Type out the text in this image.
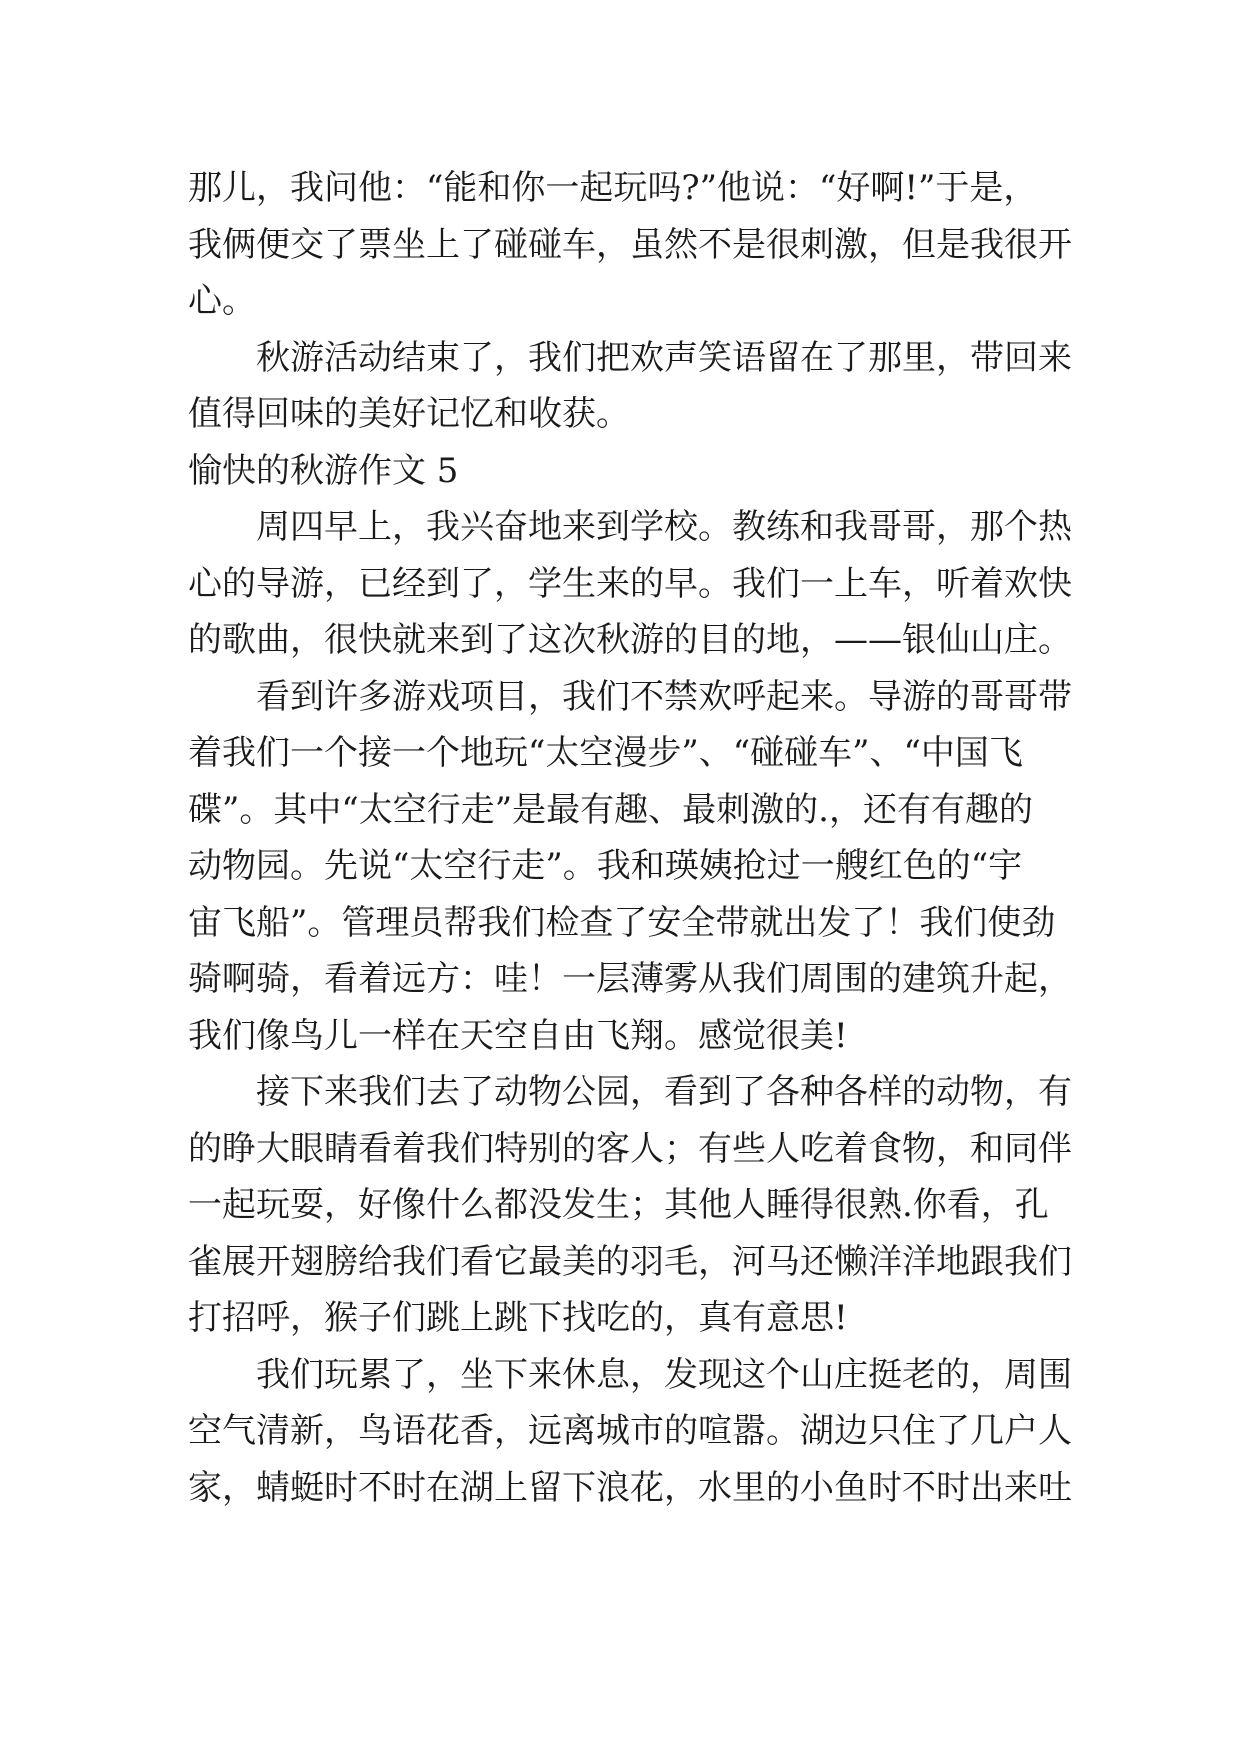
那儿，我问他：“能和你一起玩吗?”他说：“好啊!”于是，
我俩便交了票坐上了碰碰车，虽然不是很刺激，但是我很开
心。
秋游活动结束了，我们把欢声笑语留在了那里，带回来
值得回味的美好记忆和收获。
愉快的秋游作文 5
周四早上，我兴奋地来到学校。教练和我哥哥，那个热
心的导游，已经到了，学生来的早。我们一上车，听着欢快
的歌曲，很快就来到了这次秋游的目的地，——银仙山庄。
看到许多游戏项目，我们不禁欢呼起来。导游的哥哥带
着我们一个接一个地玩“太空漫步”、“碰碰车”、“中国飞
碟”。其中“太空行走”是最有趣、最刺激的.，还有有趣的
动物园。先说“太空行走”。我和瑛姨抢过一艘红色的“宇
宙飞船”。管理员帮我们检查了安全带就出发了！我们使劲
骑啊骑，看着远方：哇！一层薄雾从我们周围的建筑升起，
我们像鸟儿一样在天空自由飞翔。感觉很美!
接下来我们去了动物公园，看到了各种各样的动物，有
的睁大眼睛看着我们特别的客人；有些人吃着食物，和同伴
一起玩耍，好像什么都没发生；其他人睡得很熟.你看，孔
雀展开翅膀给我们看它最美的羽毛，河马还懒洋洋地跟我们
打招呼，猴子们跳上跳下找吃的，真有意思!
我们玩累了，坐下来休息，发现这个山庄挺老的，周围
空气清新，鸟语花香，远离城市的喧嚣。湖边只住了几户人
家，蜻蜓时不时在湖上留下浪花，水里的小鱼时不时出来吐
